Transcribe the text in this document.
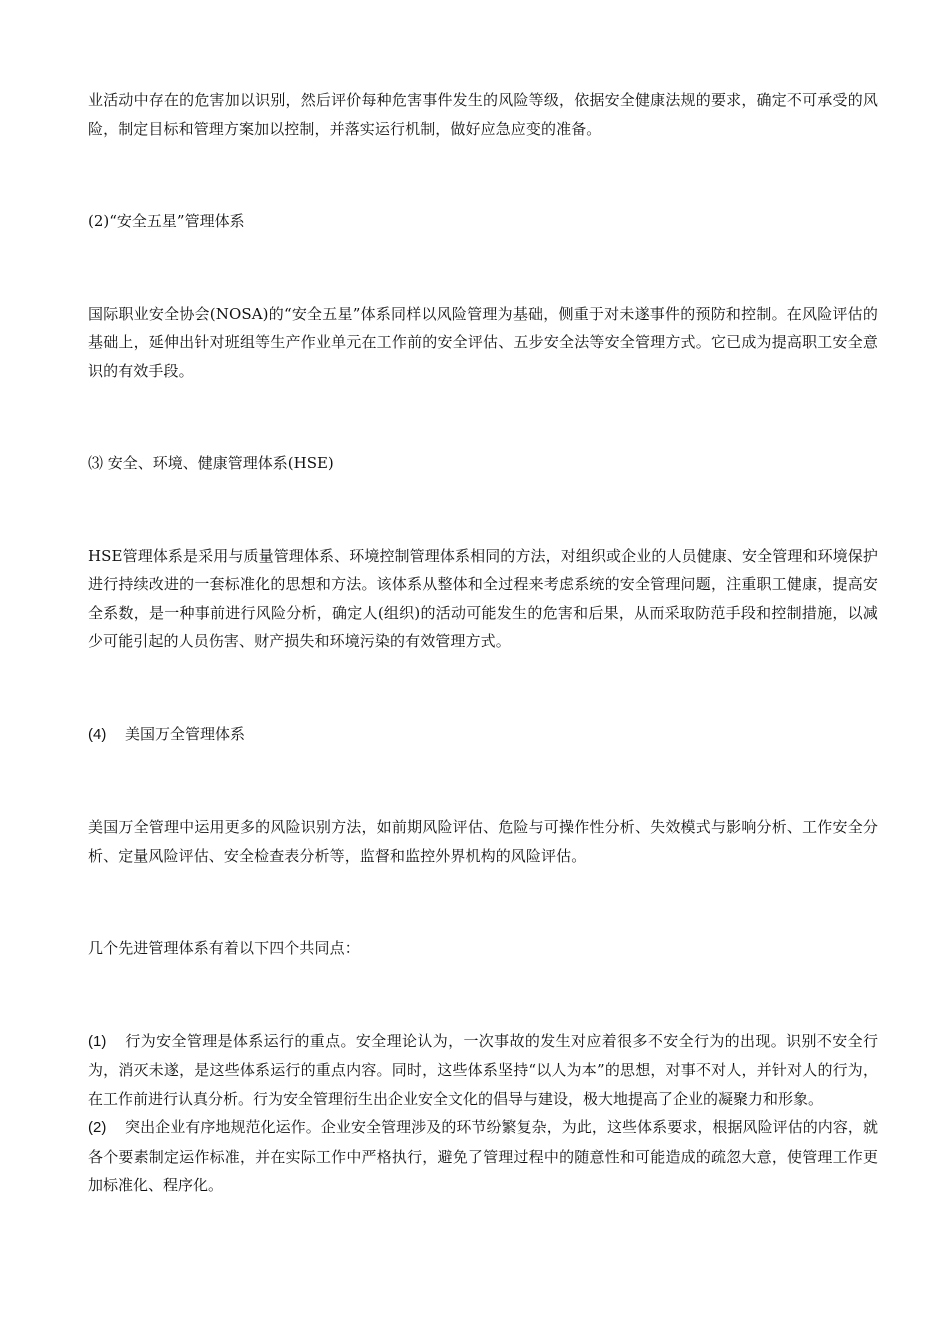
业活动中存在的危害加以识别，然后评价每种危害事件发生的风险等级，依据安全健康法规的要求，确定不可承受的风险，制定目标和管理方案加以控制，并落实运行机制，做好应急应变的准备。

(2)“安全五星”管理体系

国际职业安全协会(NOSA)的“安全五星”体系同样以风险管理为基础，侧重于对未遂事件的预防和控制。在风险评估的基础上，延伸出针对班组等生产作业单元在工作前的安全评估、五步安全法等安全管理方式。它已成为提高职工安全意识的有效手段。

⑶ 安全、环境、健康管理体系(HSE)

HSE管理体系是采用与质量管理体系、环境控制管理体系相同的方法，对组织或企业的人员健康、安全管理和环境保护进行持续改进的一套标准化的思想和方法。该体系从整体和全过程来考虑系统的安全管理问题，注重职工健康，提高安全系数，是一种事前进行风险分析，确定人(组织)的活动可能发生的危害和后果，从而采取防范手段和控制措施，以减少可能引起的人员伤害、财产损失和环境污染的有效管理方式。

(4) 美国万全管理体系

美国万全管理中运用更多的风险识别方法，如前期风险评估、危险与可操作性分析、失效模式与影响分析、工作安全分析、定量风险评估、安全检查表分析等，监督和监控外界机构的风险评估。

几个先进管理体系有着以下四个共同点：

(1) 行为安全管理是体系运行的重点。安全理论认为，一次事故的发生对应着很多不安全行为的出现。识别不安全行为，消灭未遂，是这些体系运行的重点内容。同时，这些体系坚持“以人为本”的思想，对事不对人，并针对人的行为，在工作前进行认真分析。行为安全管理衍生出企业安全文化的倡导与建设，极大地提高了企业的凝聚力和形象。

(2) 突出企业有序地规范化运作。企业安全管理涉及的环节纷繁复杂，为此，这些体系要求，根据风险评估的内容，就各个要素制定运作标准，并在实际工作中严格执行，避免了管理过程中的随意性和可能造成的疏忽大意，使管理工作更加标准化、程序化。
